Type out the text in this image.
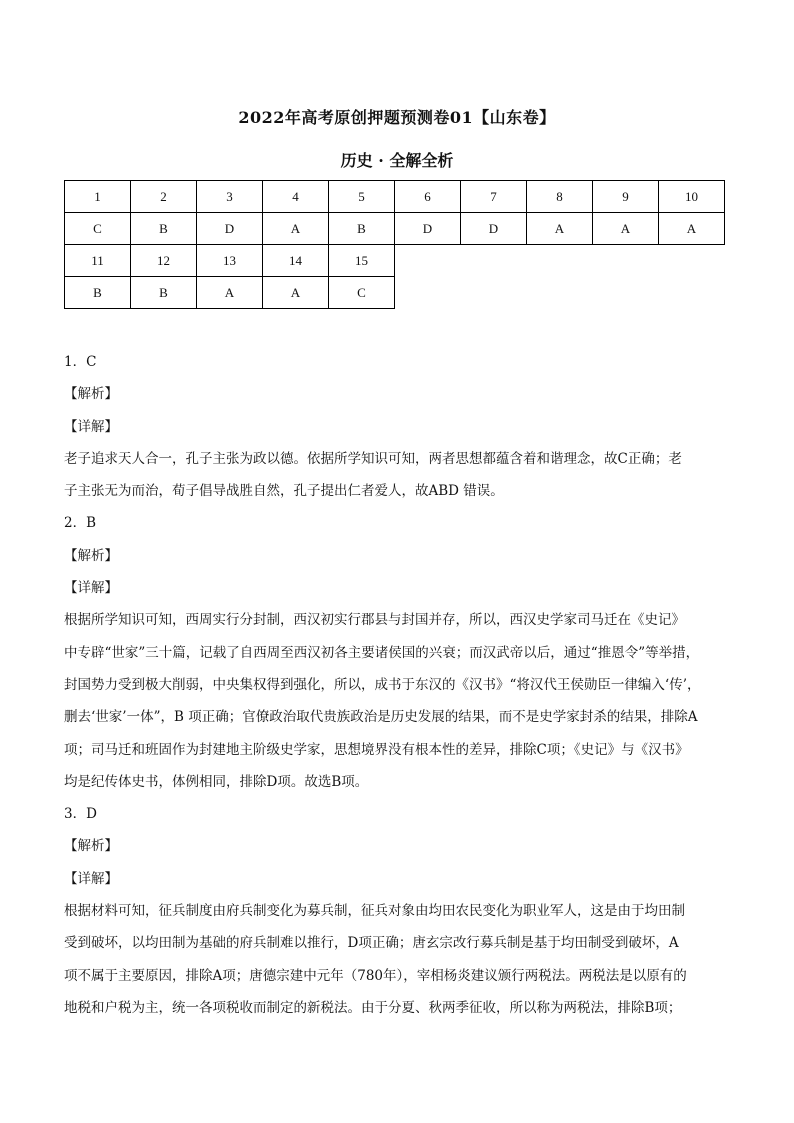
2022年高考原创押题预测卷01【山东卷】
历史 · 全解全析
1	2	3	4	5	6	7	8	9	10
C	B	D	A	B	D	D	A	A	A
11	12	13	14	15					
B	B	A	A	C					
1．C
【解析】
【详解】
老子追求天人合一，孔子主张为政以德。依据所学知识可知，两者思想都蕴含着和谐理念，故C正确；老
子主张无为而治，荀子倡导战胜自然，孔子提出仁者爱人，故ABD 错误。
2．B
【解析】
【详解】
根据所学知识可知，西周实行分封制，西汉初实行郡县与封国并存，所以，西汉史学家司马迁在《史记》
中专辟“世家”三十篇，记载了自西周至西汉初各主要诸侯国的兴衰；而汉武帝以后，通过“推恩令”等举措，
封国势力受到极大削弱，中央集权得到强化，所以，成书于东汉的《汉书》“将汉代王侯勋臣一律编入‘传’，
删去‘世家’一体”，B 项正确；官僚政治取代贵族政治是历史发展的结果，而不是史学家封杀的结果，排除A
项；司马迁和班固作为封建地主阶级史学家，思想境界没有根本性的差异，排除C项；《史记》与《汉书》
均是纪传体史书，体例相同，排除D项。故选B项。
3．D
【解析】
【详解】
根据材料可知，征兵制度由府兵制变化为募兵制，征兵对象由均田农民变化为职业军人，这是由于均田制
受到破坏，以均田制为基础的府兵制难以推行，D项正确；唐玄宗改行募兵制是基于均田制受到破坏，A
项不属于主要原因，排除A项；唐德宗建中元年（780年），宰相杨炎建议颁行两税法。两税法是以原有的
地税和户税为主，统一各项税收而制定的新税法。由于分夏、秋两季征收，所以称为两税法，排除B项；
